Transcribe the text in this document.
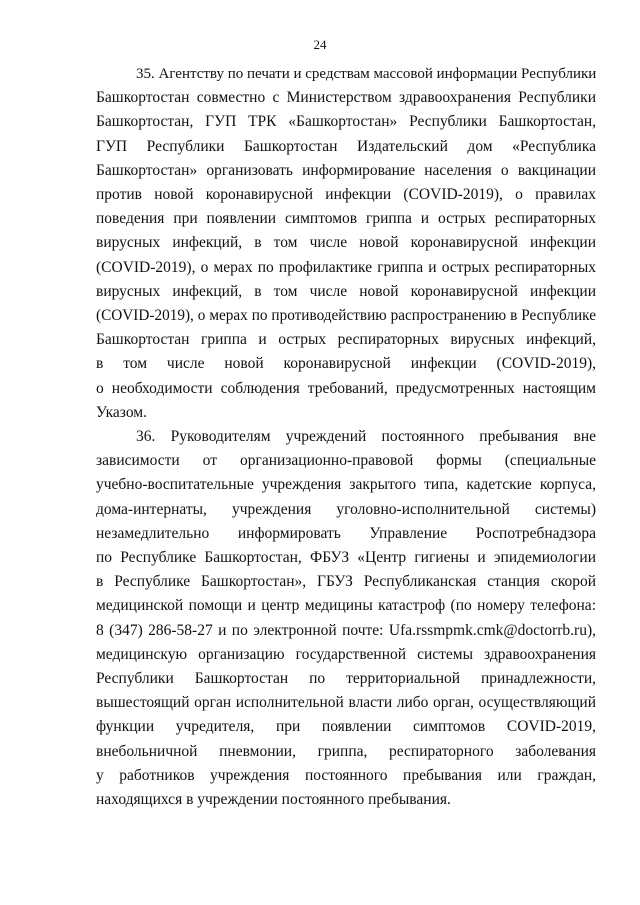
24
35. Агентству по печати и средствам массовой информации Республики
Башкортостан совместно с Министерством здравоохранения Республики
Башкортостан, ГУП ТРК «Башкортостан» Республики Башкортостан,
ГУП Республики Башкортостан Издательский дом «Республика
Башкортостан» организовать информирование населения о вакцинации
против новой коронавирусной инфекции (COVID-2019), о правилах
поведения при появлении симптомов гриппа и острых респираторных
вирусных инфекций, в том числе новой коронавирусной инфекции
(COVID-2019), о мерах по профилактике гриппа и острых респираторных
вирусных инфекций, в том числе новой коронавирусной инфекции
(COVID-2019), о мерах по противодействию распространению в Республике
Башкортостан гриппа и острых респираторных вирусных инфекций,
в том числе новой коронавирусной инфекции (COVID-2019),
о необходимости соблюдения требований, предусмотренных настоящим
Указом.
36. Руководителям учреждений постоянного пребывания вне
зависимости от организационно-правовой формы (специальные
учебно-воспитательные учреждения закрытого типа, кадетские корпуса,
дома-интернаты, учреждения уголовно-исполнительной системы)
незамедлительно информировать Управление Роспотребнадзора
по Республике Башкортостан, ФБУЗ «Центр гигиены и эпидемиологии
в Республике Башкортостан», ГБУЗ Республиканская станция скорой
медицинской помощи и центр медицины катастроф (по номеру телефона:
8 (347) 286-58-27 и по электронной почте: Ufa.rssmpmk.cmk@doctorrb.ru),
медицинскую организацию государственной системы здравоохранения
Республики Башкортостан по территориальной принадлежности,
вышестоящий орган исполнительной власти либо орган, осуществляющий
функции учредителя, при появлении симптомов COVID-2019,
внебольничной пневмонии, гриппа, респираторного заболевания
у работников учреждения постоянного пребывания или граждан,
находящихся в учреждении постоянного пребывания.
